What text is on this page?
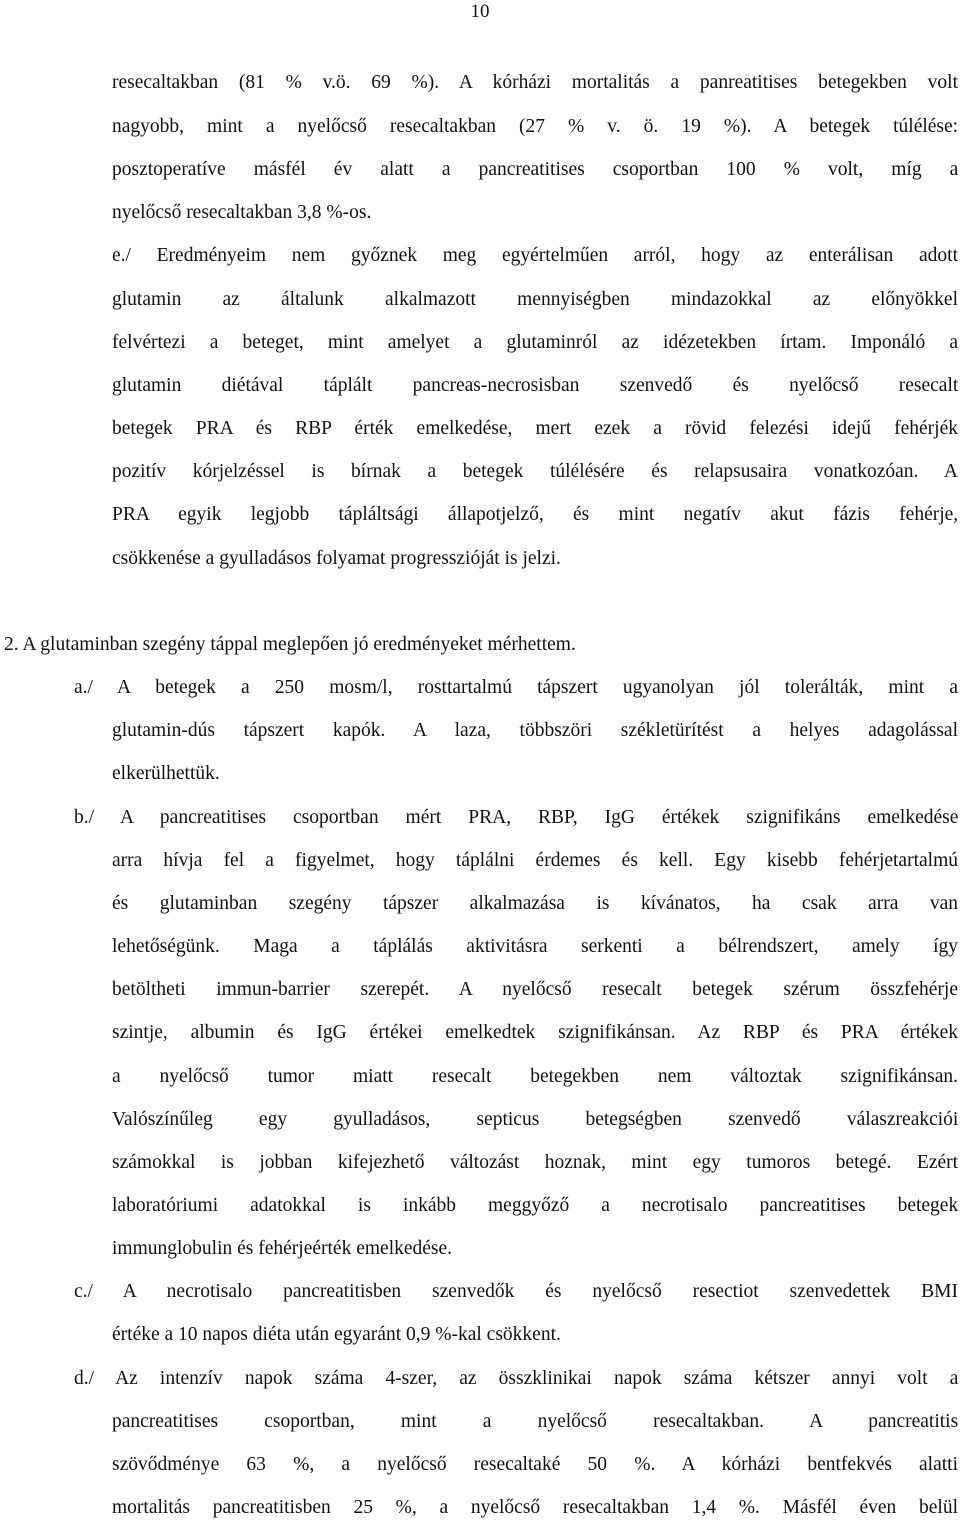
10
resecaltakban (81 % v.ö. 69 %). A kórházi mortalitás a panreatitises betegekben volt
nagyobb, mint a nyelőcső resecaltakban (27 % v. ö. 19 %). A betegek túlélése:
posztoperatíve másfél év alatt a pancreatitises csoportban 100 % volt, míg a
nyelőcső resecaltakban 3,8 %-os.
e./ Eredményeim nem győznek meg egyértelműen arról, hogy az enterálisan adott
glutamin az általunk alkalmazott mennyiségben mindazokkal az előnyökkel
felvértezi a beteget, mint amelyet a glutaminról az idézetekben írtam. Imponáló a
glutamin diétával táplált pancreas-necrosisban szenvedő és nyelőcső resecalt
betegek PRA és RBP érték emelkedése, mert ezek a rövid felezési idejű fehérjék
pozitív kórjelzéssel is bírnak a betegek túlélésére és relapsusaira vonatkozóan. A
PRA egyik legjobb tápláltsági állapotjelző, és mint negatív akut fázis fehérje,
csökkenése a gyulladásos folyamat progresszióját is jelzi.
2. A glutaminban szegény táppal meglepően jó eredményeket mérhettem.
a./ A betegek a 250 mosm/l, rosttartalmú tápszert ugyanolyan jól tolerálták, mint a
glutamin-dús tápszert kapók. A laza, többszöri székletürítést a helyes adagolással
elkerülhettük.
b./ A pancreatitises csoportban mért PRA, RBP, IgG értékek szignifikáns emelkedése
arra hívja fel a figyelmet, hogy táplálni érdemes és kell. Egy kisebb fehérjetartalmú
és glutaminban szegény tápszer alkalmazása is kívánatos, ha csak arra van
lehetőségünk. Maga a táplálás aktivitásra serkenti a bélrendszert, amely így
betöltheti immun-barrier szerepét. A nyelőcső resecalt betegek szérum összfehérje
szintje, albumin és IgG értékei emelkedtek szignifikánsan. Az RBP és PRA értékek
a nyelőcső tumor miatt resecalt betegekben nem változtak szignifikánsan.
Valószínűleg egy gyulladásos, septicus betegségben szenvedő válaszreakciói
számokkal is jobban kifejezhető változást hoznak, mint egy tumoros betegé. Ezért
laboratóriumi adatokkal is inkább meggyőző a necrotisalo pancreatitises betegek
immunglobulin és fehérjeérték emelkedése.
c./ A necrotisalo pancreatitisben szenvedők és nyelőcső resectiot szenvedettek BMI
értéke a 10 napos diéta után egyaránt 0,9 %-kal csökkent.
d./ Az intenzív napok száma 4-szer, az összklinikai napok száma kétszer annyi volt a
pancreatitises csoportban, mint a nyelőcső resecaltakban. A pancreatitis
szövődménye 63 %, a nyelőcső resecaltaké 50 %. A kórházi bentfekvés alatti
mortalitás pancreatitisben 25 %, a nyelőcső resecaltakban 1,4 %. Másfél éven belül
